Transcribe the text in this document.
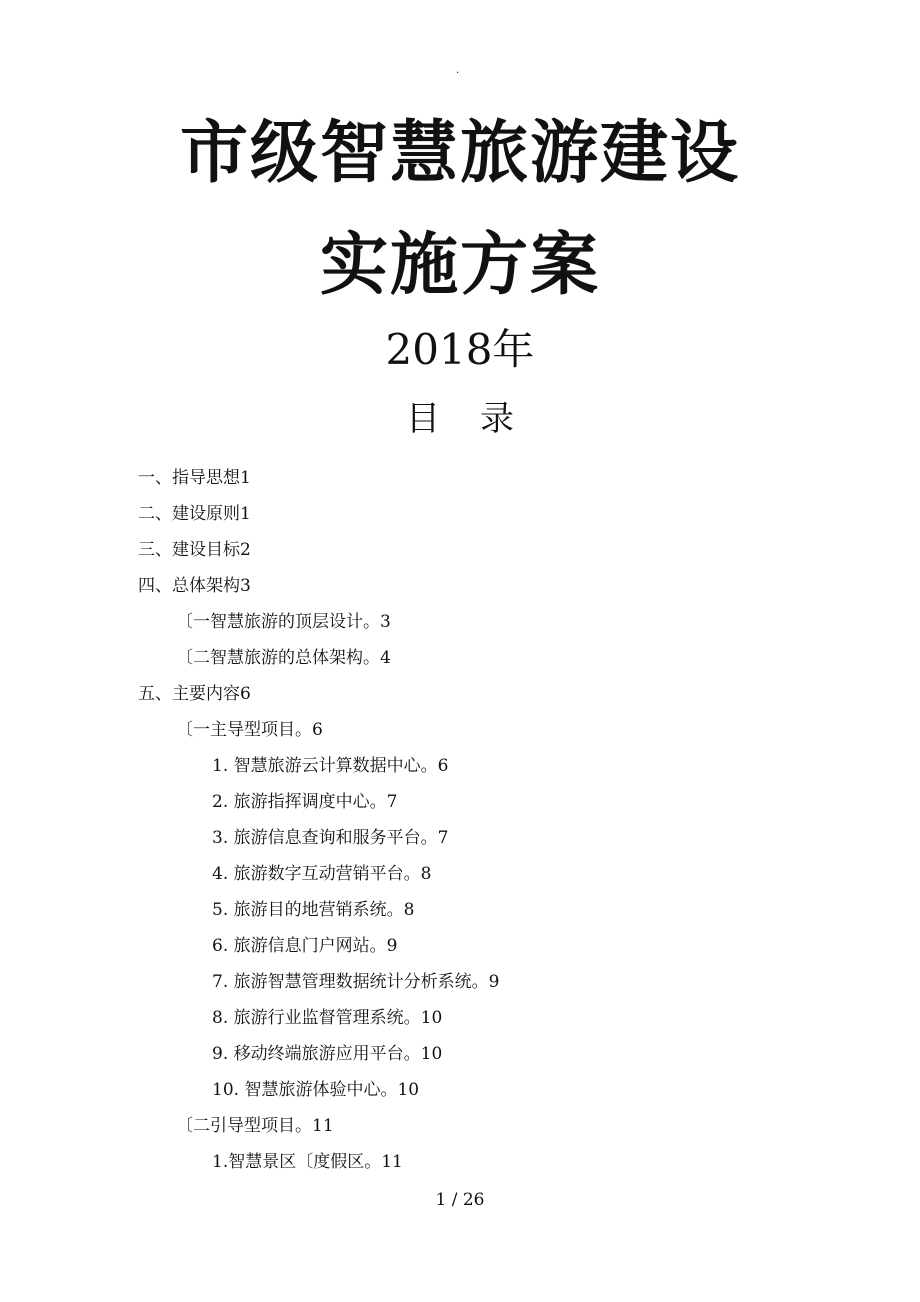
.
市级智慧旅游建设
实施方案
2018年
目 录
一、指导思想1
二、建设原则1
三、建设目标2
四、总体架构3
〔一智慧旅游的顶层设计。3
〔二智慧旅游的总体架构。4
五、主要内容6
〔一主导型项目。6
1. 智慧旅游云计算数据中心。6
2. 旅游指挥调度中心。7
3. 旅游信息查询和服务平台。7
4. 旅游数字互动营销平台。8
5. 旅游目的地营销系统。8
6. 旅游信息门户网站。9
7. 旅游智慧管理数据统计分析系统。9
8. 旅游行业监督管理系统。10
9. 移动终端旅游应用平台。10
10. 智慧旅游体验中心。10
〔二引导型项目。11
1.智慧景区〔度假区。11
1 / 26
